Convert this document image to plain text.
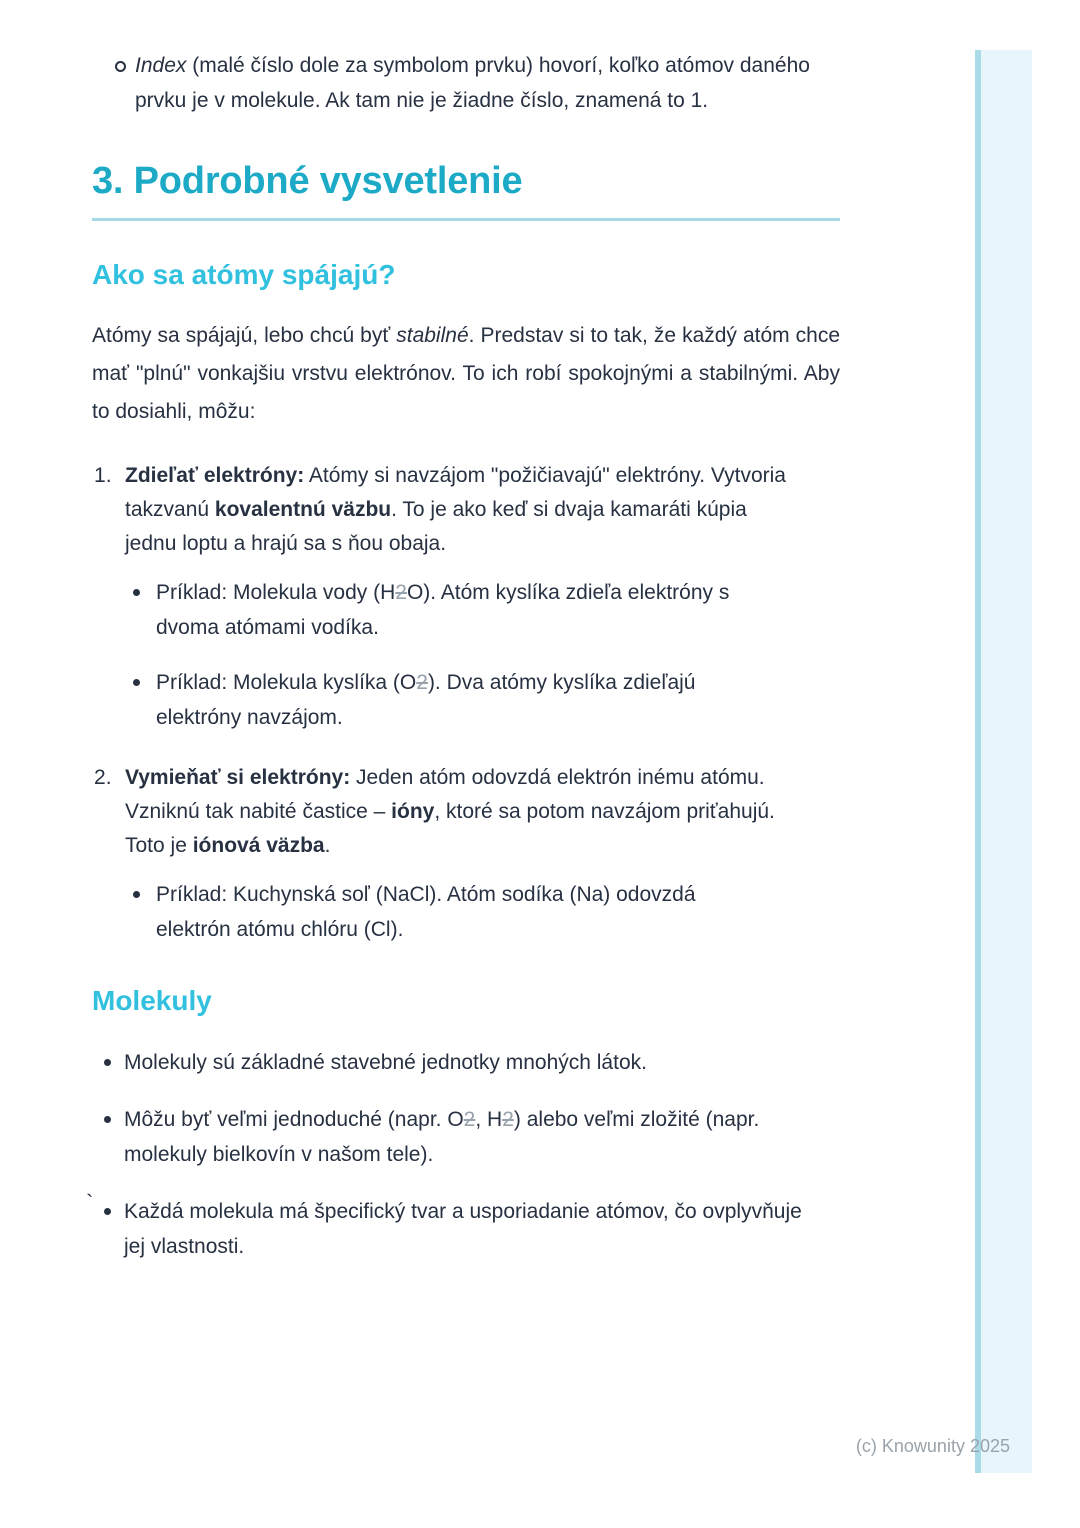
Index (malé číslo dole za symbolom prvku) hovorí, koľko atómov daného prvku je v molekule. Ak tam nie je žiadne číslo, znamená to 1.
3. Podrobné vysvetlenie
Ako sa atómy spájajú?

Atómy sa spájajú, lebo chcú byť stabilné. Predstav si to tak, že každý atóm chce mať "plnú" vonkajšiu vrstvu elektrónov. To ich robí spokojnými a stabilnými. Aby to dosiahli, môžu:

Zdieľať elektróny: Atómy si navzájom "požičiavajú" elektróny. Vytvoria takzvanú kovalentnú väzbu. To je ako keď si dvaja kamaráti kúpia jednu loptu a hrajú sa s ňou obaja.
Príklad: Molekula vody (H2O). Atóm kyslíka zdieľa elektróny s dvoma atómami vodíka.
Príklad: Molekula kyslíka (O2). Dva atómy kyslíka zdieľajú elektróny navzájom.
Vymieňať si elektróny: Jeden atóm odovzdá elektrón inému atómu. Vzniknú tak nabité častice – ióny, ktoré sa potom navzájom priťahujú. Toto je iónová väzba.
Príklad: Kuchynská soľ (NaCl). Atóm sodíka (Na) odovzdá elektrón atómu chlóru (Cl).
Molekuly
Molekuly sú základné stavebné jednotky mnohých látok.
Môžu byť veľmi jednoduché (napr. O2, H2) alebo veľmi zložité (napr. molekuly bielkovín v našom tele).
Každá molekula má špecifický tvar a usporiadanie atómov, čo ovplyvňuje jej vlastnosti.
`
(c) Knowunity 2025
